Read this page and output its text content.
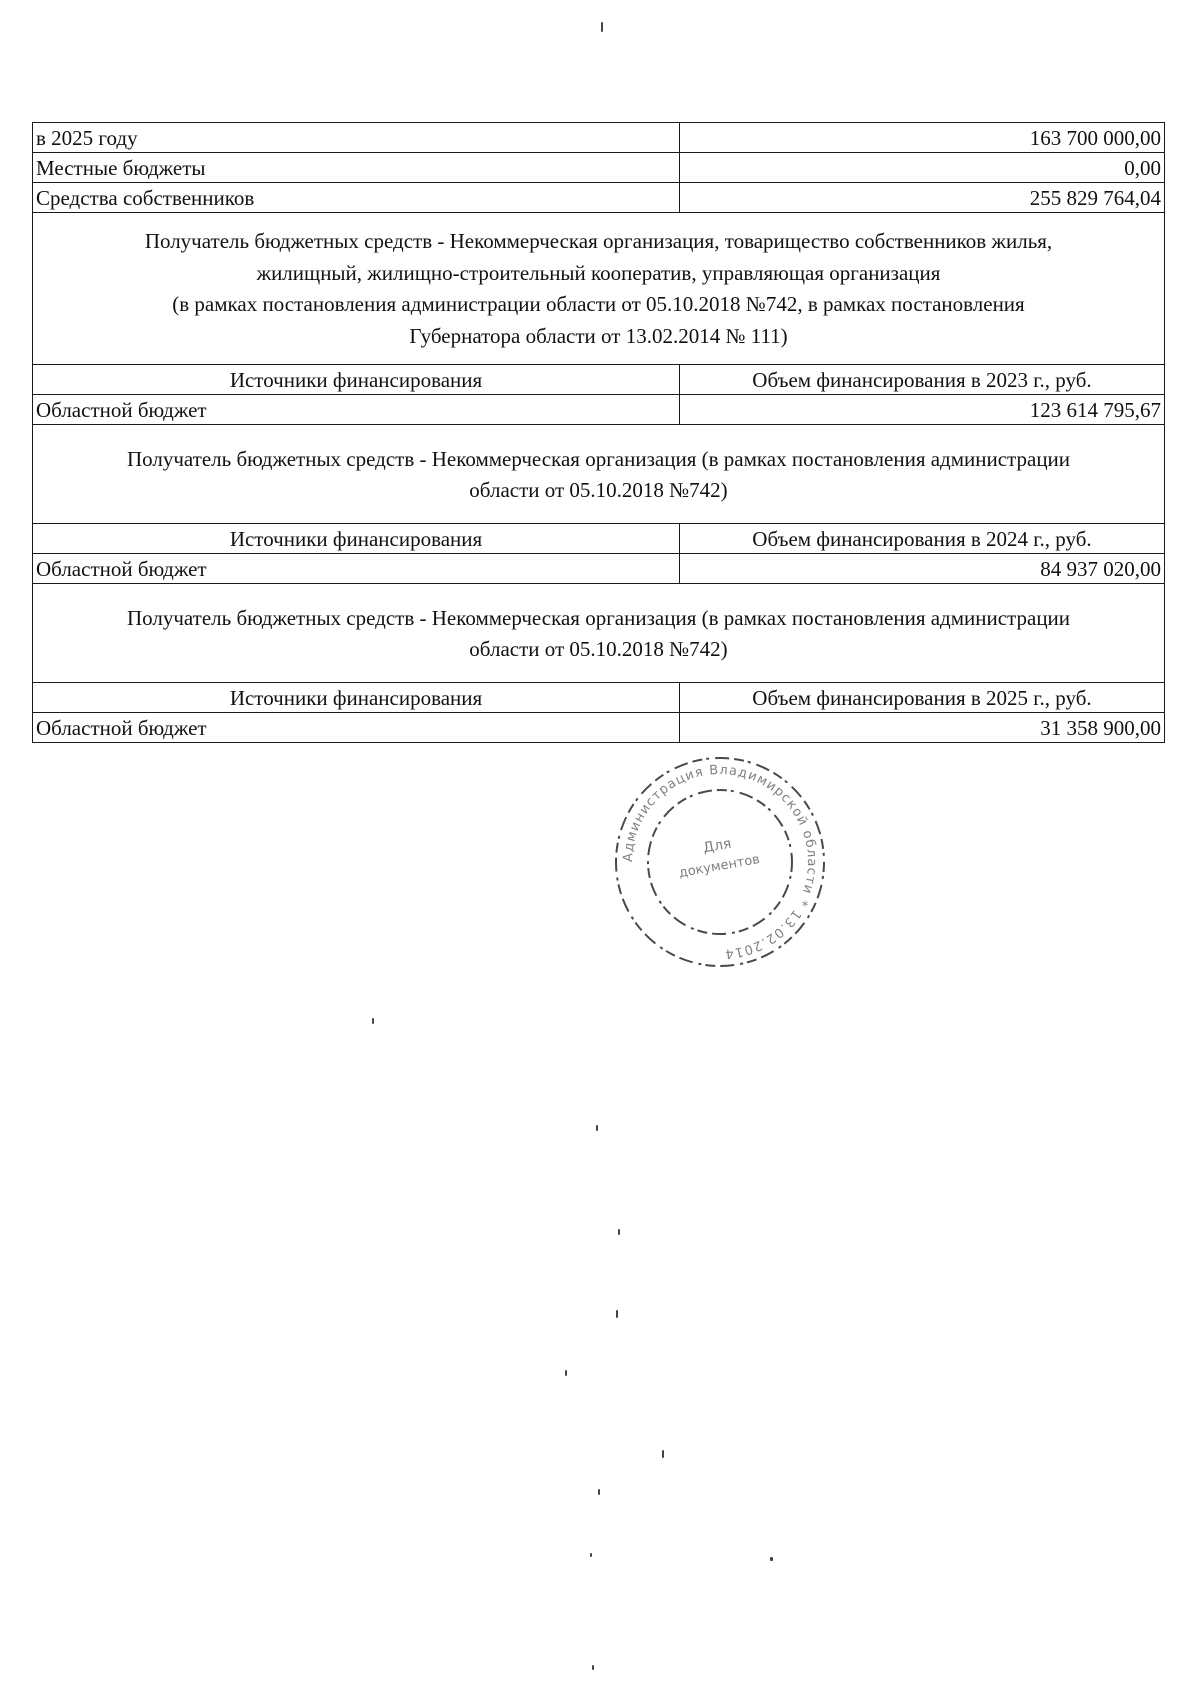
в 2025 году	163 700 000,00
Местные бюджеты	0,00
Средства собственников	255 829 764,04

Получатель бюджетных средств - Некоммерческая организация, товарищество собственников жилья,
жилищный, жилищно-строительный кооператив, управляющая организация
(в рамках постановления администрации области от 05.10.2018 №742, в рамках постановления
Губернатора области от 13.02.2014 № 111)	

Источники финансирования	Объем финансирования в 2023 г., руб.
Областной бюджет	123 614 795,67

Получатель бюджетных средств - Некоммерческая организация (в рамках постановления администрации
области от 05.10.2018 №742)	

Источники финансирования	Объем финансирования в 2024 г., руб.
Областной бюджет	84 937 020,00

Получатель бюджетных средств - Некоммерческая организация (в рамках постановления администрации
области от 05.10.2018 №742)	

Источники финансирования	Объем финансирования в 2025 г., руб.
Областной бюджет	31 358 900,00
Администрация Владимирской области * 13.02.2014
Для
документов
